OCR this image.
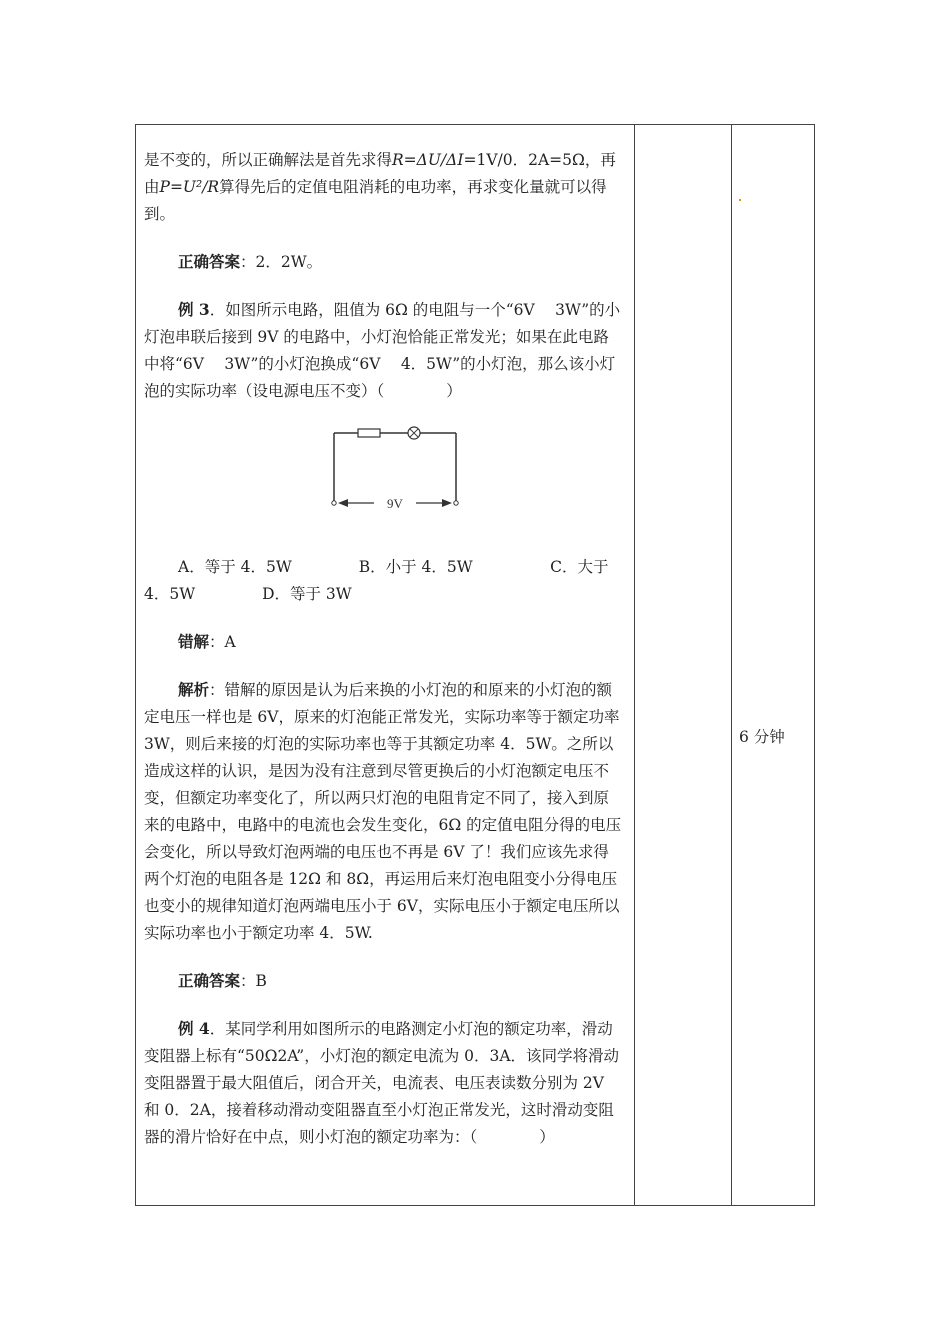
是不变的，所以正确解法是首先求得R=ΔU/ΔI=1V/0．2A=5Ω，再由P=U²/R算得先后的定值电阻消耗的电功率，再求变化量就可以得到。

正确答案：2．2W。

例 3．如图所示电路，阻值为 6Ω 的电阻与一个“6V　 3W”的小灯泡串联后接到 9V 的电路中，小灯泡恰能正常发光；如果在此电路中将“6V　 3W”的小灯泡换成“6V　 4．5W”的小灯泡，那么该小灯泡的实际功率（设电源电压不变）（　　　　）

9V

A．等于 4．5W　　　　 B．小于 4．5W　　　　　C．大于 4．5W　　　　 D．等于 3W

错解：A

解析：错解的原因是认为后来换的小灯泡的和原来的小灯泡的额定电压一样也是 6V，原来的灯泡能正常发光，实际功率等于额定功率 3W，则后来接的灯泡的实际功率也等于其额定功率 4．5W。之所以造成这样的认识，是因为没有注意到尽管更换后的小灯泡额定电压不变，但额定功率变化了，所以两只灯泡的电阻肯定不同了，接入到原来的电路中，电路中的电流也会发生变化，6Ω 的定值电阻分得的电压会变化，所以导致灯泡两端的电压也不再是 6V 了！我们应该先求得两个灯泡的电阻各是 12Ω 和 8Ω，再运用后来灯泡电阻变小分得电压也变小的规律知道灯泡两端电压小于 6V，实际电压小于额定电压所以实际功率也小于额定功率 4．5W.

正确答案：B

例 4．某同学利用如图所示的电路测定小灯泡的额定功率，滑动变阻器上标有“50Ω2A”，小灯泡的额定电流为 0．3A．该同学将滑动变阻器置于最大阻值后，闭合开关，电流表、电压表读数分别为 2V 和 0．2A，接着移动滑动变阻器直至小灯泡正常发光，这时滑动变阻器的滑片恰好在中点，则小灯泡的额定功率为：（　　　　）

6 分钟
